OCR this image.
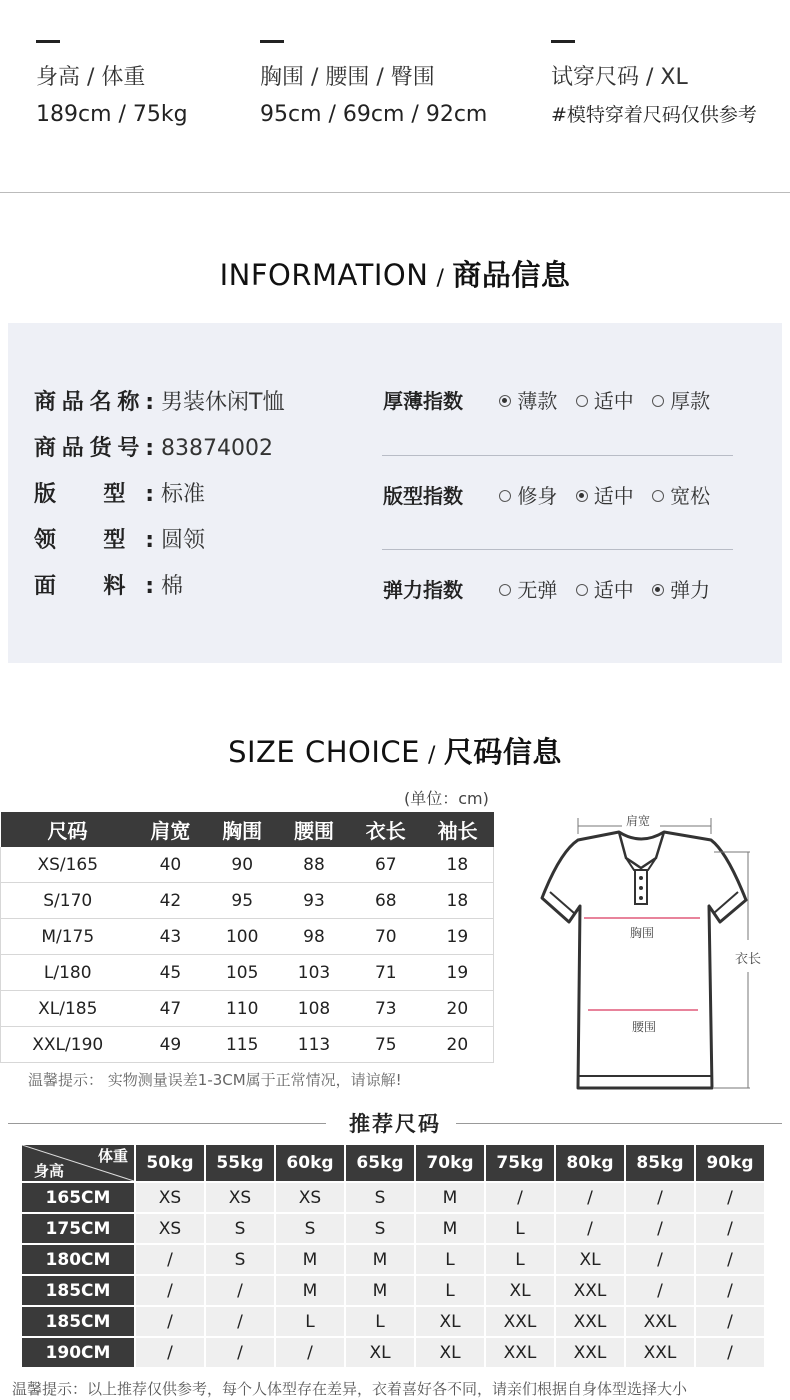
身高 / 体重
189cm / 75kg
胸围 / 腰围 / 臀围
95cm / 69cm / 92cm
试穿尺码 / XL
#模特穿着尺码仅供参考
INFORMATION / 商品信息
商品名称: 男装休闲T恤
商品货号: 83874002
版 型: 标准
领 型: 圆领
面 料: 棉
厚薄指数	薄款 适中 厚款
版型指数	修身 适中 宽松
弹力指数	无弹 适中 弹力
SIZE CHOICE / 尺码信息
(单位：cm)
尺码	肩宽	胸围	腰围	衣长	袖长
XS/165	40	90	88	67	18
S/170	42	95	93	68	18
M/175	43	100	98	70	19
L/180	45	105	103	71	19
XL/185	47	110	108	73	20
XXL/190	49	115	113	75	20
温馨提示： 实物测量误差1-3CM属于正常情况，请谅解!
肩宽
胸围
衣长
腰围
推荐尺码
体重
身高	50kg	55kg	60kg	65kg	70kg	75kg	80kg	85kg	90kg
165CM	XS	XS	XS	S	M	/	/	/	/
175CM	XS	S	S	S	M	L	/	/	/
180CM	/	S	M	M	L	L	XL	/	/
185CM	/	/	M	M	L	XL	XXL	/	/
185CM	/	/	L	L	XL	XXL	XXL	XXL	/
190CM	/	/	/	XL	XL	XXL	XXL	XXL	/
温馨提示：以上推荐仅供参考，每个人体型存在差异，衣着喜好各不同，请亲们根据自身体型选择大小
